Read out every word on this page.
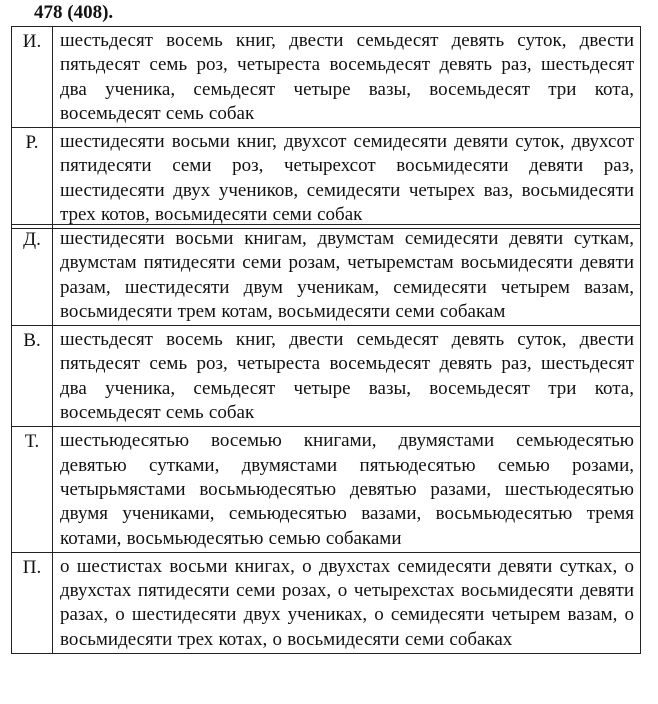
478 (408).
И.	шестьдесят восемь книг, двести семьдесят девять суток, двести пятьдесят семь роз, четыреста восемьдесят девять раз, шестьдесят два ученика, семьдесят четыре вазы, восемьдесят три кота, восемьдесят семь собак
Р.	шестидесяти восьми книг, двухсот семидесяти девяти суток, двухсот пятидесяти семи роз, четырехсот восьмидесяти девяти раз, шестидесяти двух учеников, семидесяти четырех ваз, восьмидесяти трех котов, восьмидесяти семи собак
Д.	шестидесяти восьми книгам, двумстам семидесяти девяти суткам, двумстам пятидесяти семи розам, четыремстам восьмидесяти девяти разам, шестидесяти двум ученикам, семидесяти четырем вазам, восьмидесяти трем котам, восьмидесяти семи собакам
В.	шестьдесят восемь книг, двести семьдесят девять суток, двести пятьдесят семь роз, четыреста восемьдесят девять раз, шестьдесят два ученика, семьдесят четыре вазы, восемьдесят три кота, восемьдесят семь собак
Т.	шестьюдесятью восемью книгами, двумястами семьюдесятью девятью сутками, двумястами пятьюдесятью семью розами, четырьмястами восьмьюдесятью девятью разами, шестьюдесятью двумя учениками, семьюдесятью вазами, восьмьюдесятью тремя котами, восьмьюдесятью семью собаками
П.	о шестистах восьми книгах, о двухстах семидесяти девяти сутках, о двухстах пятидесяти семи розах, о четырехстах восьмидесяти девяти разах, о шестидесяти двух учениках, о семидесяти четырем вазам, о восьмидесяти трех котах, о восьмидесяти семи собаках
